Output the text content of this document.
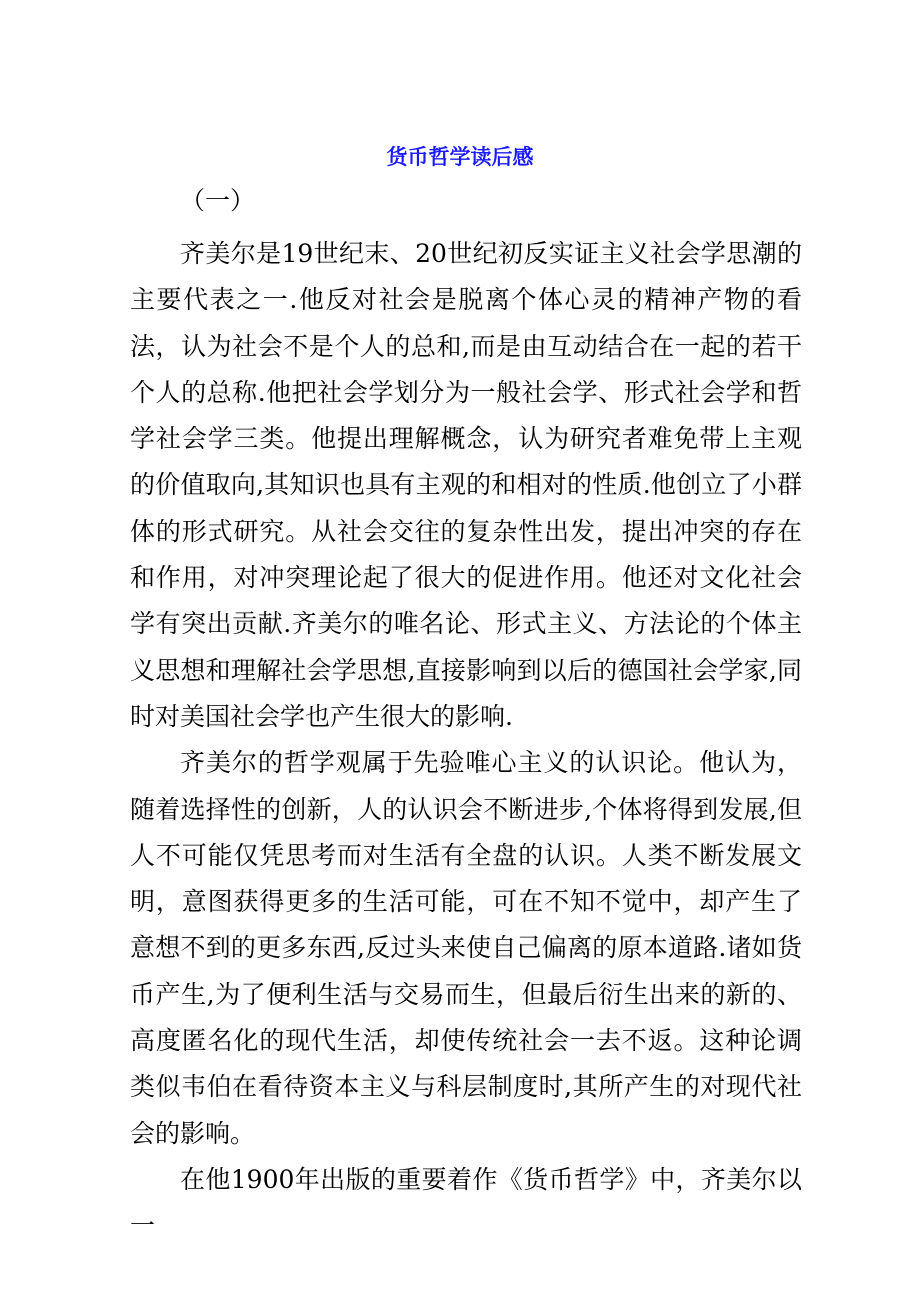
货币哲学读后感
（一）

齐美尔是19世纪末、20世纪初反实证主义社会学思潮的主要代表之一.他反对社会是脱离个体心灵的精神产物的看法，认为社会不是个人的总和,而是由互动结合在一起的若干个人的总称.他把社会学划分为一般社会学、形式社会学和哲学社会学三类。他提出理解概念，认为研究者难免带上主观的价值取向,其知识也具有主观的和相对的性质.他创立了小群体的形式研究。从社会交往的复杂性出发，提出冲突的存在和作用，对冲突理论起了很大的促进作用。他还对文化社会学有突出贡献.齐美尔的唯名论、形式主义、方法论的个体主义思想和理解社会学思想,直接影响到以后的德国社会学家,同时对美国社会学也产生很大的影响.

齐美尔的哲学观属于先验唯心主义的认识论。他认为，随着选择性的创新，人的认识会不断进步,个体将得到发展,但人不可能仅凭思考而对生活有全盘的认识。人类不断发展文明，意图获得更多的生活可能，可在不知不觉中，却产生了意想不到的更多东西,反过头来使自己偏离的原本道路.诸如货币产生,为了便利生活与交易而生，但最后衍生出来的新的、高度匿名化的现代生活，却使传统社会一去不返。这种论调类似韦伯在看待资本主义与科层制度时,其所产生的对现代社会的影响。

在他1900年出版的重要着作《货币哲学》中，齐美尔以一
